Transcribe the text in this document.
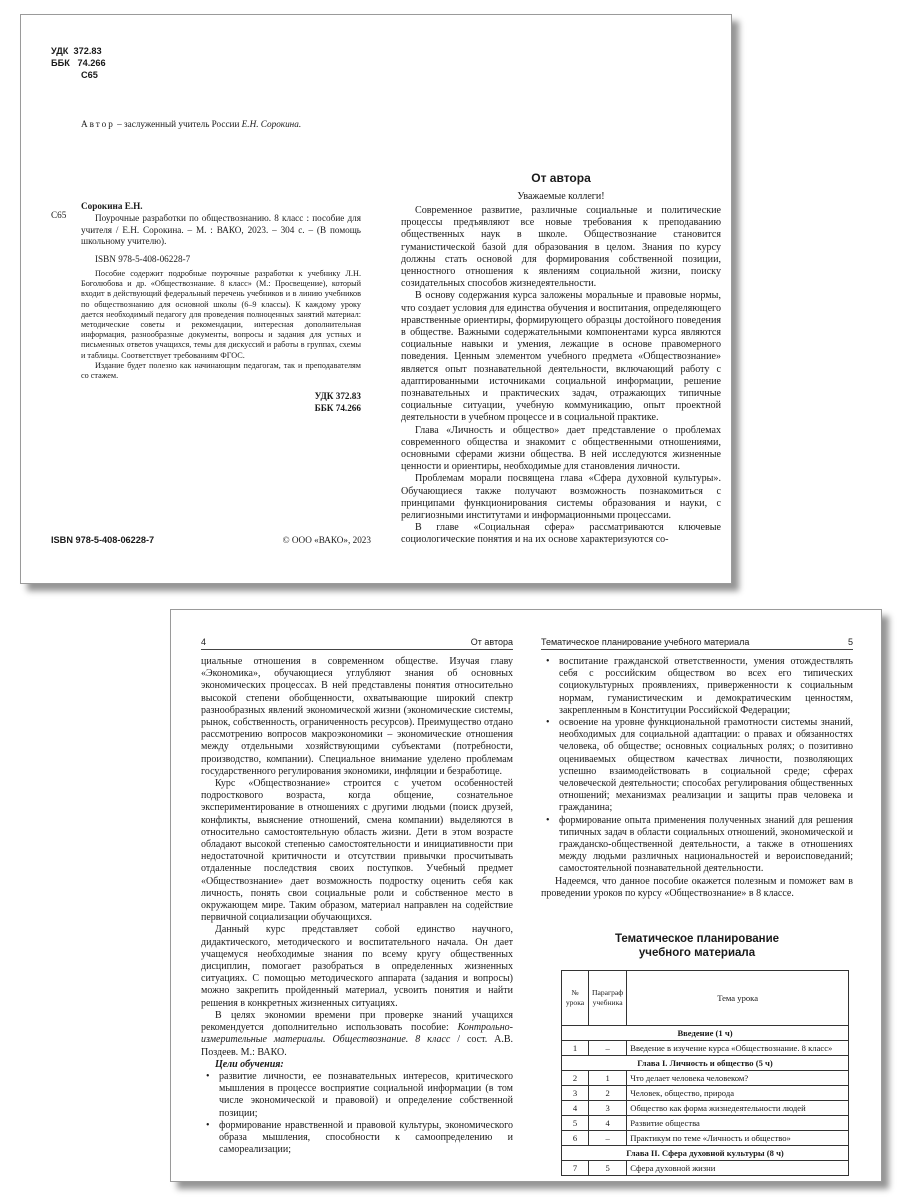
УДК 372.83
ББК 74.266
С65
Автор – заслуженный учитель России Е.Н. Сорокина.
С65
Сорокина Е.Н.
Поурочные разработки по обществознанию. 8 класс : пособие для учителя / Е.Н. Сорокина. – М. : ВАКО, 2023. – 304 с. – (В помощь школьному учителю).
ISBN 978-5-408-06228-7
Пособие содержит подробные поурочные разработки к учебнику Л.Н. Боголюбова и др. «Обществознание. 8 класс» (М.: Просвещение), который входит в действующий федеральный перечень учебников и в линию учебников по обществознанию для основной школы (6–9 классы). К каждому уроку дается необходимый педагогу для проведения полноценных занятий материал: методические советы и рекомендации, интересная дополнительная информация, разнообразные документы, вопросы и задания для устных и письменных ответов учащихся, темы для дискуссий и работы в группах, схемы и таблицы. Соответствует требованиям ФГОС.
Издание будет полезно как начинающим педагогам, так и преподавателям со стажем.
УДК 372.83
ББК 74.266
ISBN 978-5-408-06228-7	© ООО «ВАКО», 2023
От автора
Уважаемые коллеги!

Современное развитие, различные социальные и политические процессы предъявляют все новые требования к преподаванию общественных наук в школе. Обществознание становится гуманистической базой для образования в целом. Знания по курсу должны стать основой для формирования собственной позиции, ценностного отношения к явлениям социальной жизни, поиску созидательных способов жизнедеятельности.

В основу содержания курса заложены моральные и правовые нормы, что создает условия для единства обучения и воспитания, определяющего нравственные ориентиры, формирующего образцы достойного поведения в обществе. Важными содержательными компонентами курса являются социальные навыки и умения, лежащие в основе правомерного поведения. Ценным элементом учебного предмета «Обществознание» является опыт познавательной деятельности, включающий работу с адаптированными источниками социальной информации, решение познавательных и практических задач, отражающих типичные социальные ситуации, учебную коммуникацию, опыт проектной деятельности в учебном процессе и в социальной практике.

Глава «Личность и общество» дает представление о проблемах современного общества и знакомит с общественными отношениями, основными сферами жизни общества. В ней исследуются жизненные ценности и ориентиры, необходимые для становления личности.

Проблемам морали посвящена глава «Сфера духовной культуры». Обучающиеся также получают возможность познакомиться с принципами функционирования системы образования и науки, с религиозными институтами и информационными процессами.

В главе «Социальная сфера» рассматриваются ключевые социологические понятия и на их основе характеризуются со-

4	От автора

циальные отношения в современном обществе. Изучая главу «Экономика», обучающиеся углубляют знания об основных экономических процессах. В ней представлены понятия относительно высокой степени обобщенности, охватывающие широкий спектр разнообразных явлений экономической жизни (экономические системы, рынок, собственность, ограниченность ресурсов). Преимущество отдано рассмотрению вопросов макроэкономики – экономические отношения между отдельными хозяйствующими субъектами (потребности, производство, компании). Специальное внимание уделено проблемам государственного регулирования экономики, инфляции и безработице.

Курс «Обществознание» строится с учетом особенностей подросткового возраста, когда общение, сознательное экспериментирование в отношениях с другими людьми (поиск друзей, конфликты, выяснение отношений, смена компании) выделяются в относительно самостоятельную область жизни. Дети в этом возрасте обладают высокой степенью самостоятельности и инициативности при недостаточной критичности и отсутствии привычки просчитывать отдаленные последствия своих поступков. Учебный предмет «Обществознание» дает возможность подростку оценить себя как личность, понять свои социальные роли и собственное место в окружающем мире. Таким образом, материал направлен на содействие первичной социализации обучающихся.

Данный курс представляет собой единство научного, дидактического, методического и воспитательного начала. Он дает учащемуся необходимые знания по всему кругу общественных дисциплин, помогает разобраться в определенных жизненных ситуациях. С помощью методического аппарата (задания и вопросы) можно закрепить пройденный материал, усвоить понятия и найти решения в конкретных жизненных ситуациях.

В целях экономии времени при проверке знаний учащихся рекомендуется дополнительно использовать пособие: Контрольно-измерительные материалы. Обществознание. 8 класс / сост. А.В. Поздеев. М.: ВАКО.

Цели обучения:

• развитие личности, ее познавательных интересов, критического мышления в процессе восприятие социальной информации (в том числе экономической и правовой) и определение собственной позиции;
• формирование нравственной и правовой культуры, экономического образа мышления, способности к самоопределению и самореализации;
Тематическое планирование учебного материала	5
• воспитание гражданской ответственности, умения отождествлять себя с российским обществом во всех его типических социокультурных проявлениях, приверженности к социальным нормам, гуманистическим и демократическим ценностям, закрепленным в Конституции Российской Федерации;
• освоение на уровне функциональной грамотности системы знаний, необходимых для социальной адаптации: о правах и обязанностях человека, об обществе; основных социальных ролях; о позитивно оцениваемых обществом качествах личности, позволяющих успешно взаимодействовать в социальной среде; сферах человеческой деятельности; способах регулирования общественных отношений; механизмах реализации и защиты прав человека и гражданина;
• формирование опыта применения полученных знаний для решения типичных задач в области социальных отношений, экономической и гражданско-общественной деятельности, а также в отношениях между людьми различных национальностей и вероисповеданий; самостоятельной познавательной деятельности.

Надеемся, что данное пособие окажется полезным и поможет вам в проведении уроков по курсу «Обществознание» в 8 классе.

Тематическое планирование
учебного материала
№ урока	Параграф учебника	Тема урока
Введение (1 ч)		
1	–	Введение в изучение курса «Обществознание. 8 класс»
Глава I. Личность и общество (5 ч)		
2	1	Что делает человека человеком?
3	2	Человек, общество, природа
4	3	Общество как форма жизнедеятельности людей
5	4	Развитие общества
6	–	Практикум по теме «Личность и общество»
Глава II. Сфера духовной культуры (8 ч)		
7	5	Сфера духовной жизни
